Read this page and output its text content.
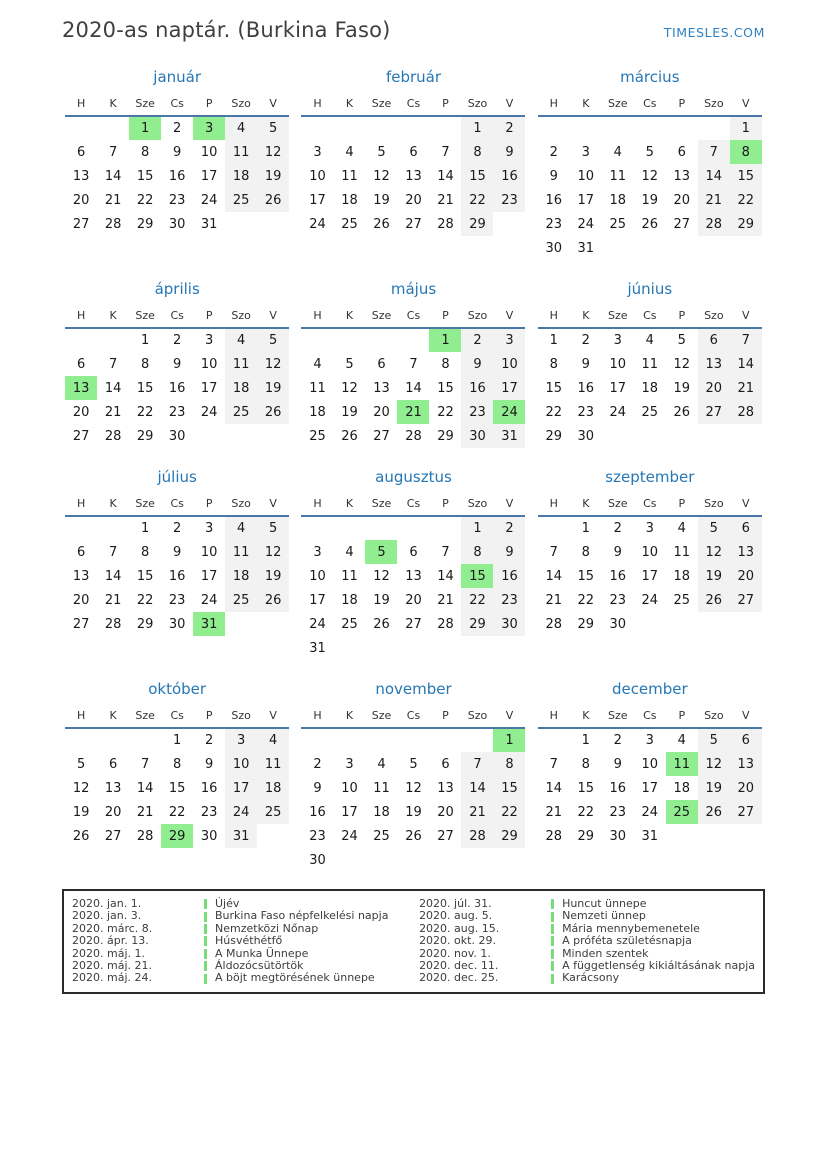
2020-as naptár. (Burkina Faso)	TIMESLES.COM
január
H	K	Sze	Cs	P	Szo	V
		1	2	3	4	5
6	7	8	9	10	11	12
13	14	15	16	17	18	19
20	21	22	23	24	25	26
27	28	29	30	31		
február
H	K	Sze	Cs	P	Szo	V
					1	2
3	4	5	6	7	8	9
10	11	12	13	14	15	16
17	18	19	20	21	22	23
24	25	26	27	28	29	
március
H	K	Sze	Cs	P	Szo	V
						1
2	3	4	5	6	7	8
9	10	11	12	13	14	15
16	17	18	19	20	21	22
23	24	25	26	27	28	29
30	31					
április
H	K	Sze	Cs	P	Szo	V
		1	2	3	4	5
6	7	8	9	10	11	12
13	14	15	16	17	18	19
20	21	22	23	24	25	26
27	28	29	30			
május
H	K	Sze	Cs	P	Szo	V
				1	2	3
4	5	6	7	8	9	10
11	12	13	14	15	16	17
18	19	20	21	22	23	24
25	26	27	28	29	30	31
június
H	K	Sze	Cs	P	Szo	V
1	2	3	4	5	6	7
8	9	10	11	12	13	14
15	16	17	18	19	20	21
22	23	24	25	26	27	28
29	30					
július
H	K	Sze	Cs	P	Szo	V
		1	2	3	4	5
6	7	8	9	10	11	12
13	14	15	16	17	18	19
20	21	22	23	24	25	26
27	28	29	30	31		
augusztus
H	K	Sze	Cs	P	Szo	V
					1	2
3	4	5	6	7	8	9
10	11	12	13	14	15	16
17	18	19	20	21	22	23
24	25	26	27	28	29	30
31						
szeptember
H	K	Sze	Cs	P	Szo	V
	1	2	3	4	5	6
7	8	9	10	11	12	13
14	15	16	17	18	19	20
21	22	23	24	25	26	27
28	29	30				
október
H	K	Sze	Cs	P	Szo	V
			1	2	3	4
5	6	7	8	9	10	11
12	13	14	15	16	17	18
19	20	21	22	23	24	25
26	27	28	29	30	31	
november
H	K	Sze	Cs	P	Szo	V
						1
2	3	4	5	6	7	8
9	10	11	12	13	14	15
16	17	18	19	20	21	22
23	24	25	26	27	28	29
30						
december
H	K	Sze	Cs	P	Szo	V
	1	2	3	4	5	6
7	8	9	10	11	12	13
14	15	16	17	18	19	20
21	22	23	24	25	26	27
28	29	30	31			
2020. jan. 1.	Újév
2020. jan. 3.	Burkina Faso népfelkelési napja
2020. márc. 8.	Nemzetközi Nőnap
2020. ápr. 13.	Húsvéthétfő
2020. máj. 1.	A Munka Ünnepe
2020. máj. 21.	Áldozócsütörtök
2020. máj. 24.	A böjt megtörésének ünnepe
2020. júl. 31.	Huncut ünnepe
2020. aug. 5.	Nemzeti ünnep
2020. aug. 15.	Mária mennybemenetele
2020. okt. 29.	A próféta születésnapja
2020. nov. 1.	Minden szentek
2020. dec. 11.	A függetlenség kikiáltásának napja
2020. dec. 25.	Karácsony
